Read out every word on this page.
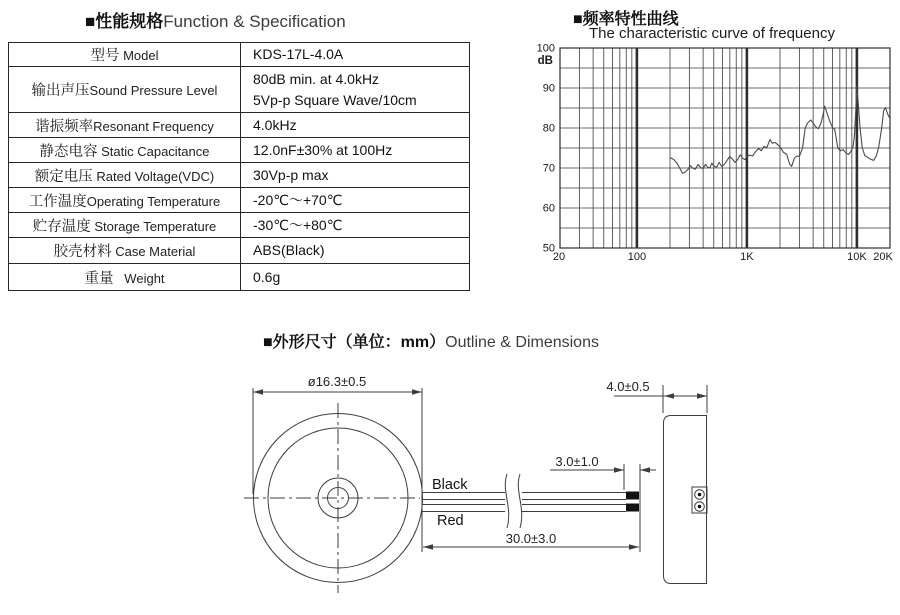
■性能规格Function & Specification
型号 Model	KDS-17L-4.0A

输出声压Sound Pressure Level	80dB min. at 4.0kHz
5Vp-p Square Wave/10cm

谐振频率Resonant Frequency	4.0kHz

静态电容 Static Capacitance	12.0nF±30% at 100Hz

额定电压 Rated Voltage(VDC)	30Vp-p max

工作温度Operating Temperature	-20℃～+70℃

贮存温度 Storage Temperature	-30℃～+80℃

胶壳材料 Case Material	ABS(Black)

重量   Weight	0.6g
■频率特性曲线
The characteristic curve of frequency
100
90
80
70
60
50
dB
20	100	1K	10K 20K
■外形尺寸（单位：mm）Outline & Dimensions
ø16.3±0.5	4.0±0.5
3.0±1.0
30.0±3.0
Black
Red
